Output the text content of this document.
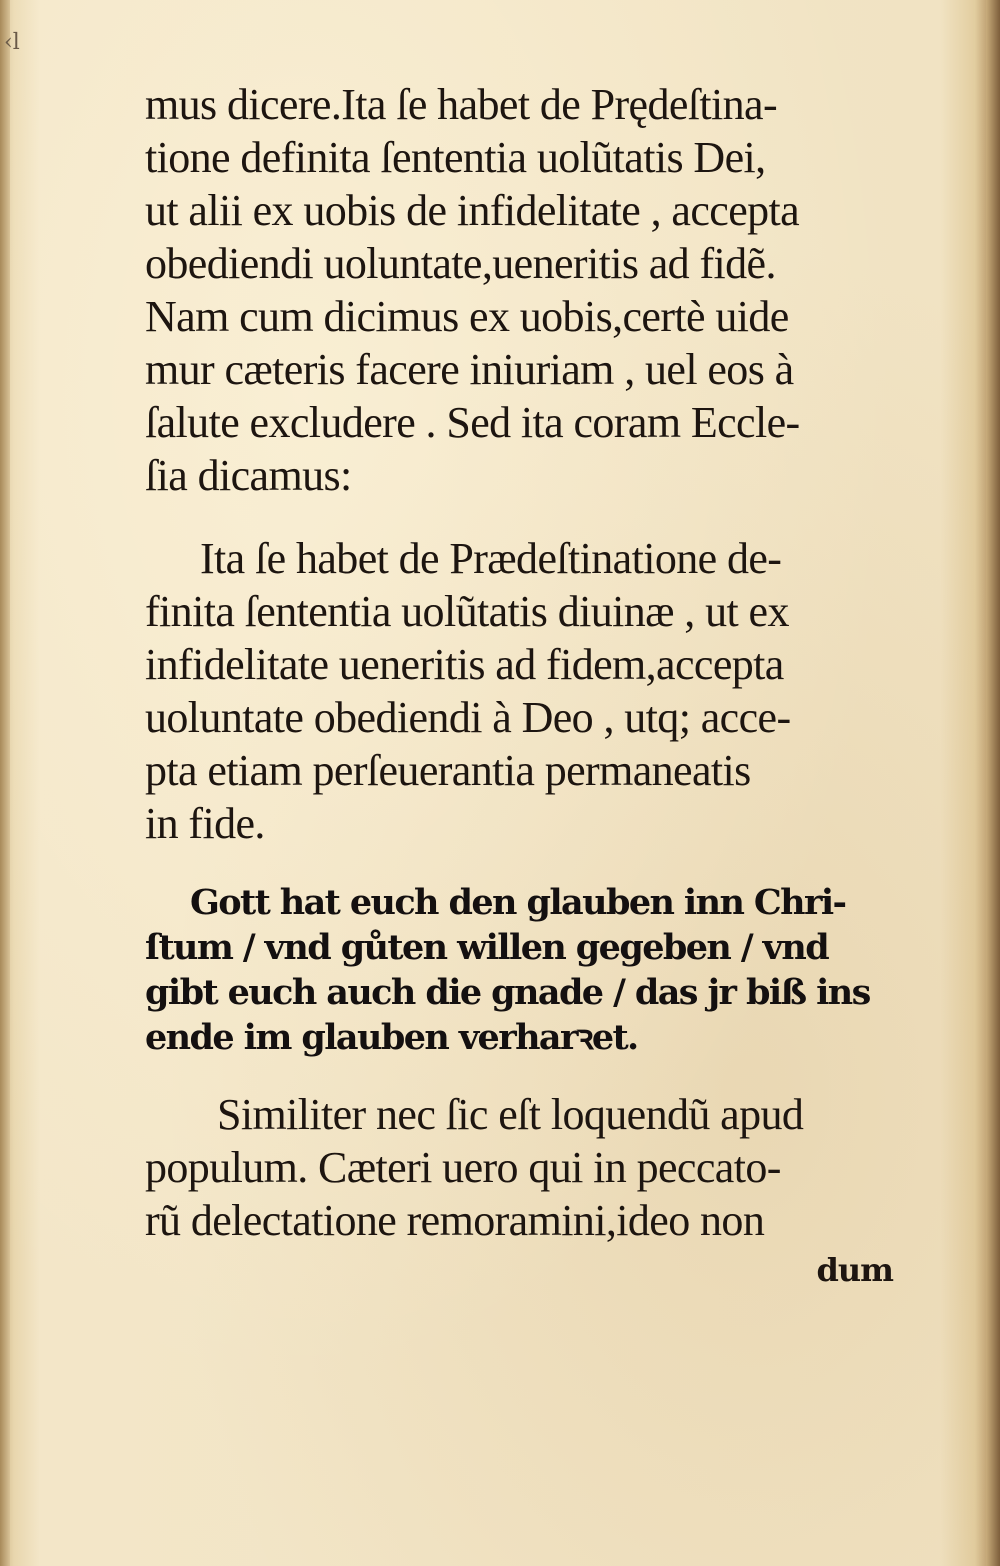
‹l
mus dicere.Ita ſe habet de Prędeſtina-
tione definita ſententia uolũtatis Dei,
ut alii ex uobis de infidelitate , accepta
obediendi uoluntate,ueneritis ad fidẽ.
Nam cum dicimus ex uobis,certè uide
mur cæteris facere iniuriam , uel eos à
ſalute excludere . Sed ita coram Eccle-
ſia dicamus:
Ita ſe habet de Prædeſtinatione de-
finita ſententia uolũtatis diuinæ , ut ex
infidelitate ueneritis ad fidem,accepta
uoluntate obediendi à Deo , utq; acce-
pta etiam perſeuerantia permaneatis
in fide.
Gott hat euch den glauben inn Chri-
ſtum / vnd gůten willen gegeben / vnd
gibt euch auch die gnade / das jr biß ins
ende im glauben verharꝛet.
Similiter nec ſic eſt loquendũ apud
populum. Cæteri uero qui in peccato-
rũ delectatione remoramini,ideo non
dum
